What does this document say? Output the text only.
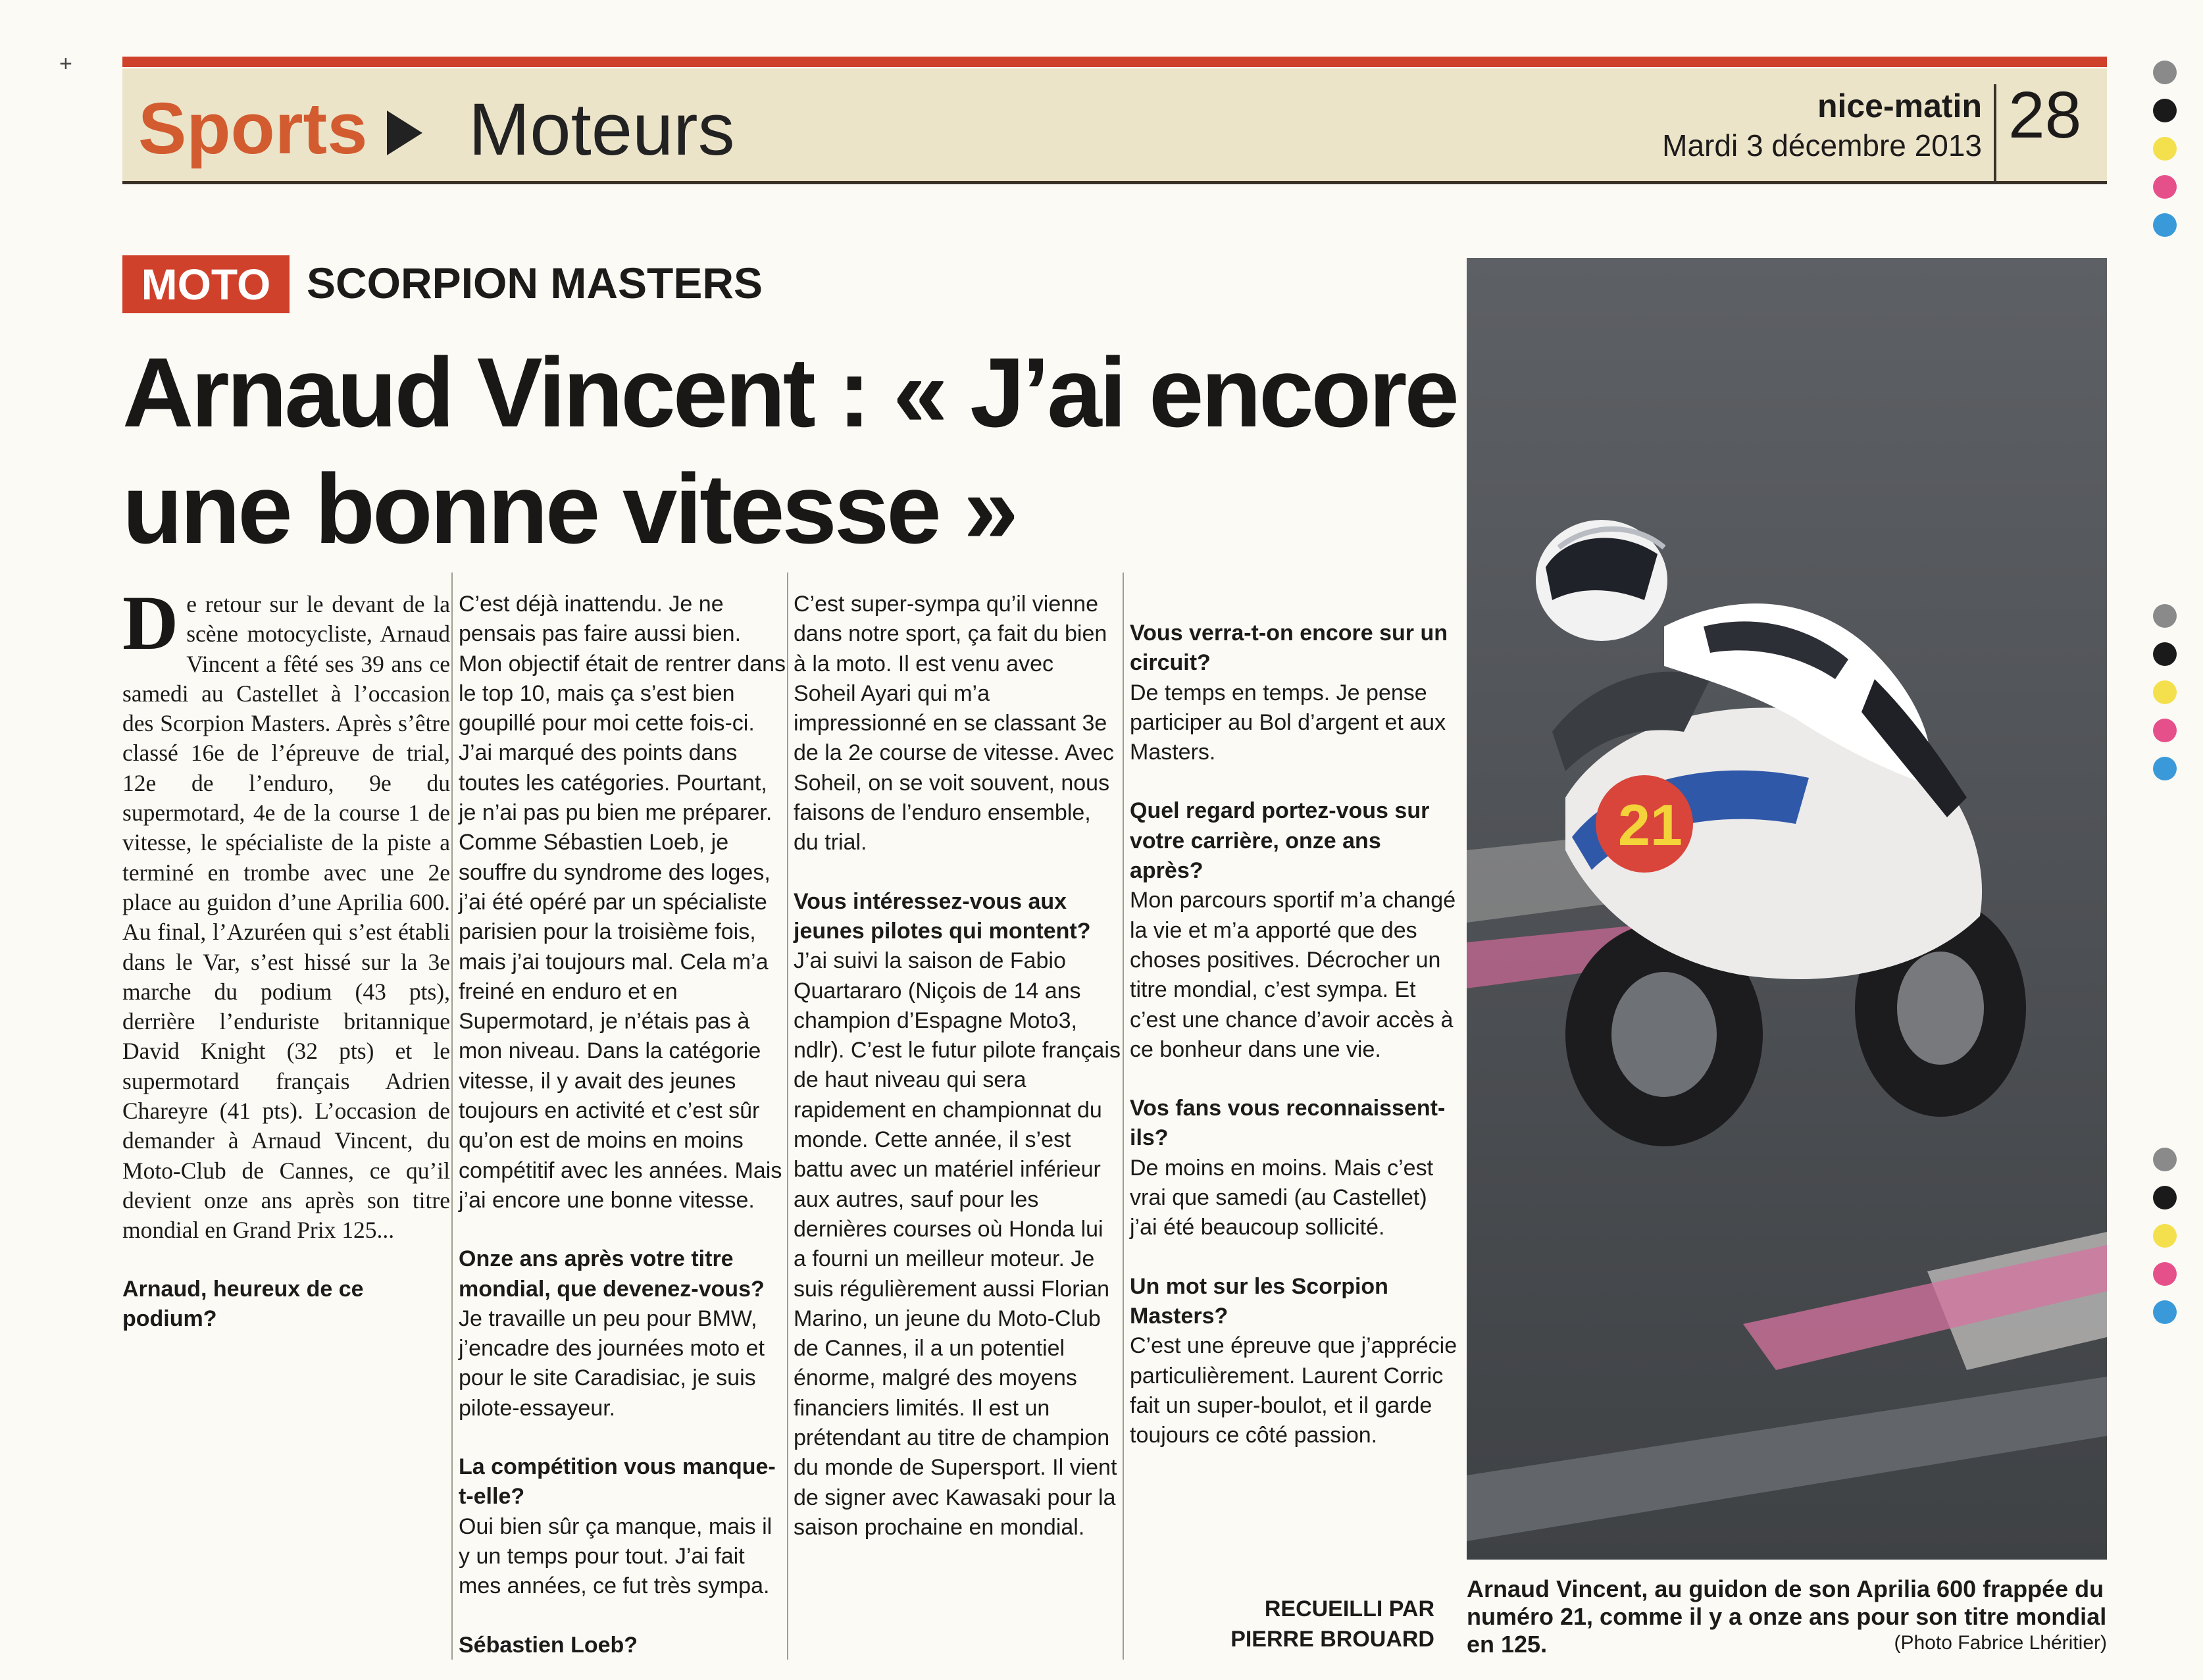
+
Sports Moteurs	nice-matin
Mardi 3 décembre 2013 28
MOTO SCORPION MASTERS
Arnaud Vincent : « J’ai encore une bonne vitesse »
D e retour sur le devant de la scène motocycliste, Arnaud Vincent a fêté ses 39 ans ce samedi au Castellet à l’occasion des Scorpion Masters. Après s’être classé 16e de l’épreuve de trial, 12e de l’enduro, 9e du supermotard, 4e de la course 1 de vitesse, le spécialiste de la piste a terminé en trombe avec une 2e place au guidon d’une Aprilia 600. Au final, l’Azuréen qui s’est établi dans le Var, s’est hissé sur la 3e marche du podium (43 pts), derrière l’enduriste britannique David Knight (32 pts) et le supermotard français Adrien Chareyre (41 pts). L’occasion de demander à Arnaud Vincent, du Moto-Club de Cannes, ce qu’il devient onze ans après son titre mondial en Grand Prix 125...

Arnaud, heureux de ce podium?

C’est déjà inattendu. Je ne pensais pas faire aussi bien. Mon objectif était de rentrer dans le top 10, mais ça s’est bien goupillé pour moi cette fois-ci. J’ai marqué des points dans toutes les catégories. Pourtant, je n’ai pas pu bien me préparer. Comme Sébastien Loeb, je souffre du syndrome des loges, j’ai été opéré par un spécialiste parisien pour la troisième fois, mais j’ai toujours mal. Cela m’a freiné en enduro et en Supermotard, je n’étais pas à mon niveau. Dans la catégorie vitesse, il y avait des jeunes toujours en activité et c’est sûr qu’on est de moins en moins compétitif avec les années. Mais j’ai encore une bonne vitesse.

Onze ans après votre titre mondial, que devenez-vous?

Je travaille un peu pour BMW, j’encadre des journées moto et pour le site Caradisiac, je suis pilote-essayeur.

La compétition vous manque-t-elle?

Oui bien sûr ça manque, mais il y un temps pour tout. J’ai fait mes années, ce fut très sympa.

Sébastien Loeb?

C’est super-sympa qu’il vienne dans notre sport, ça fait du bien à la moto. Il est venu avec Soheil Ayari qui m’a impressionné en se classant 3e de la 2e course de vitesse. Avec Soheil, on se voit souvent, nous faisons de l’enduro ensemble, du trial.

Vous intéressez-vous aux jeunes pilotes qui montent?

J’ai suivi la saison de Fabio Quartararo (Niçois de 14 ans champion d’Espagne Moto3, ndlr). C’est le futur pilote français de haut niveau qui sera rapidement en championnat du monde. Cette année, il s’est battu avec un matériel inférieur aux autres, sauf pour les dernières courses où Honda lui a fourni un meilleur moteur. Je suis régulièrement aussi Florian Marino, un jeune du Moto-Club de Cannes, il a un potentiel énorme, malgré des moyens financiers limités. Il est un prétendant au titre de champion du monde de Supersport. Il vient de signer avec Kawasaki pour la saison prochaine en mondial.

Vous verra-t-on encore sur un circuit?

De temps en temps. Je pense participer au Bol d’argent et aux Masters.

Quel regard portez-vous sur votre carrière, onze ans après?

Mon parcours sportif m’a changé la vie et m’a apporté que des choses positives. Décrocher un titre mondial, c’est sympa. Et c’est une chance d’avoir accès à ce bonheur dans une vie.

Vos fans vous reconnaissent-ils?

De moins en moins. Mais c’est vrai que samedi (au Castellet) j’ai été beaucoup sollicité.

Un mot sur les Scorpion Masters?

C’est une épreuve que j’apprécie particulièrement. Laurent Corric fait un super-boulot, et il garde toujours ce côté passion.

RECUEILLI PAR
PIERRE BROUARD
21
Arnaud Vincent, au guidon de son Aprilia 600 frappée du numéro 21, comme il y a onze ans pour son titre mondial en 125.	(Photo Fabrice Lhéritier)
